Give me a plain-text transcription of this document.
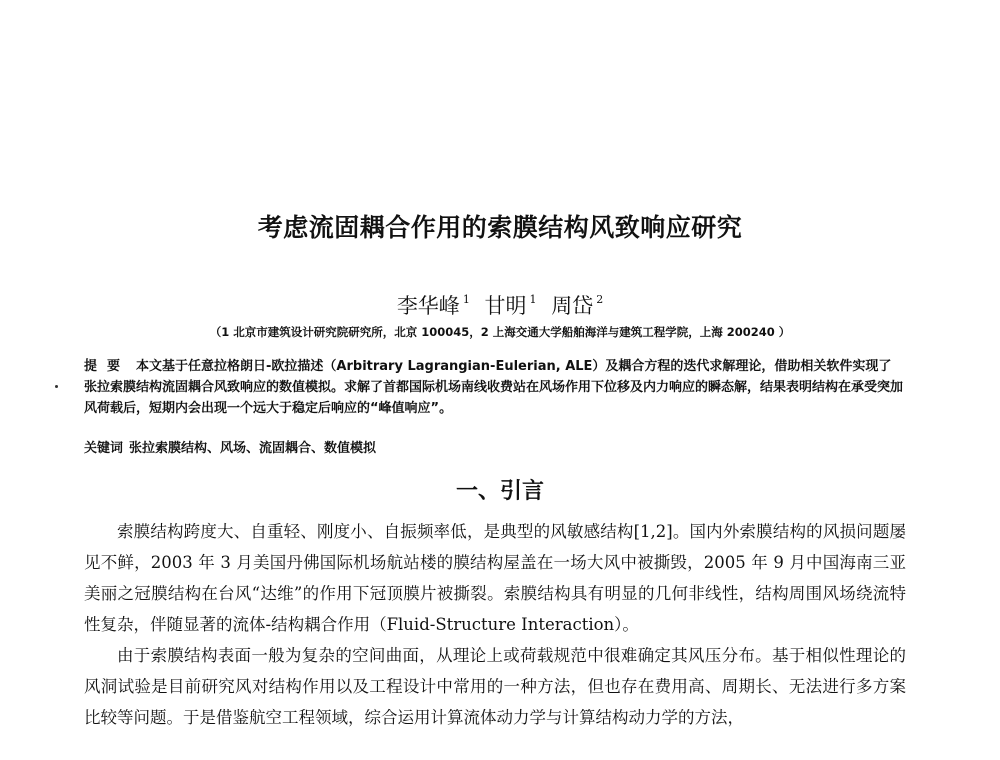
考虑流固耦合作用的索膜结构风致响应研究
李华峰 $^1$ 甘明 $^1$ 周岱 $^2$
（1 北京市建筑设计研究院研究所，北京 100045，2 上海交通大学船舶海洋与建筑工程学院，上海 200240 ）
提要 本文基于任意拉格朗日-欧拉描述（Arbitrary Lagrangian-Eulerian, ALE）及耦合方程的迭代求解理论，借助相关软件实现了张拉索膜结构流固耦合风致响应的数值模拟。求解了首都国际机场南线收费站在风场作用下位移及内力响应的瞬态解，结果表明结构在承受突加风荷载后，短期内会出现一个远大于稳定后响应的“峰值响应”。
关键词 张拉索膜结构、风场、流固耦合、数值模拟
一、引言

索膜结构跨度大、自重轻、刚度小、自振频率低，是典型的风敏感结构[1,2]。国内外索膜结构的风损问题屡见不鲜，2003 年 3 月美国丹佛国际机场航站楼的膜结构屋盖在一场大风中被撕毁，2005 年 9 月中国海南三亚美丽之冠膜结构在台风“达维”的作用下冠顶膜片被撕裂。索膜结构具有明显的几何非线性，结构周围风场绕流特性复杂，伴随显著的流体-结构耦合作用（Fluid-Structure Interaction）。

由于索膜结构表面一般为复杂的空间曲面，从理论上或荷载规范中很难确定其风压分布。基于相似性理论的风洞试验是目前研究风对结构作用以及工程设计中常用的一种方法，但也存在费用高、周期长、无法进行多方案比较等问题。于是借鉴航空工程领域，综合运用计算流体动力学与计算结构动力学的方法，
